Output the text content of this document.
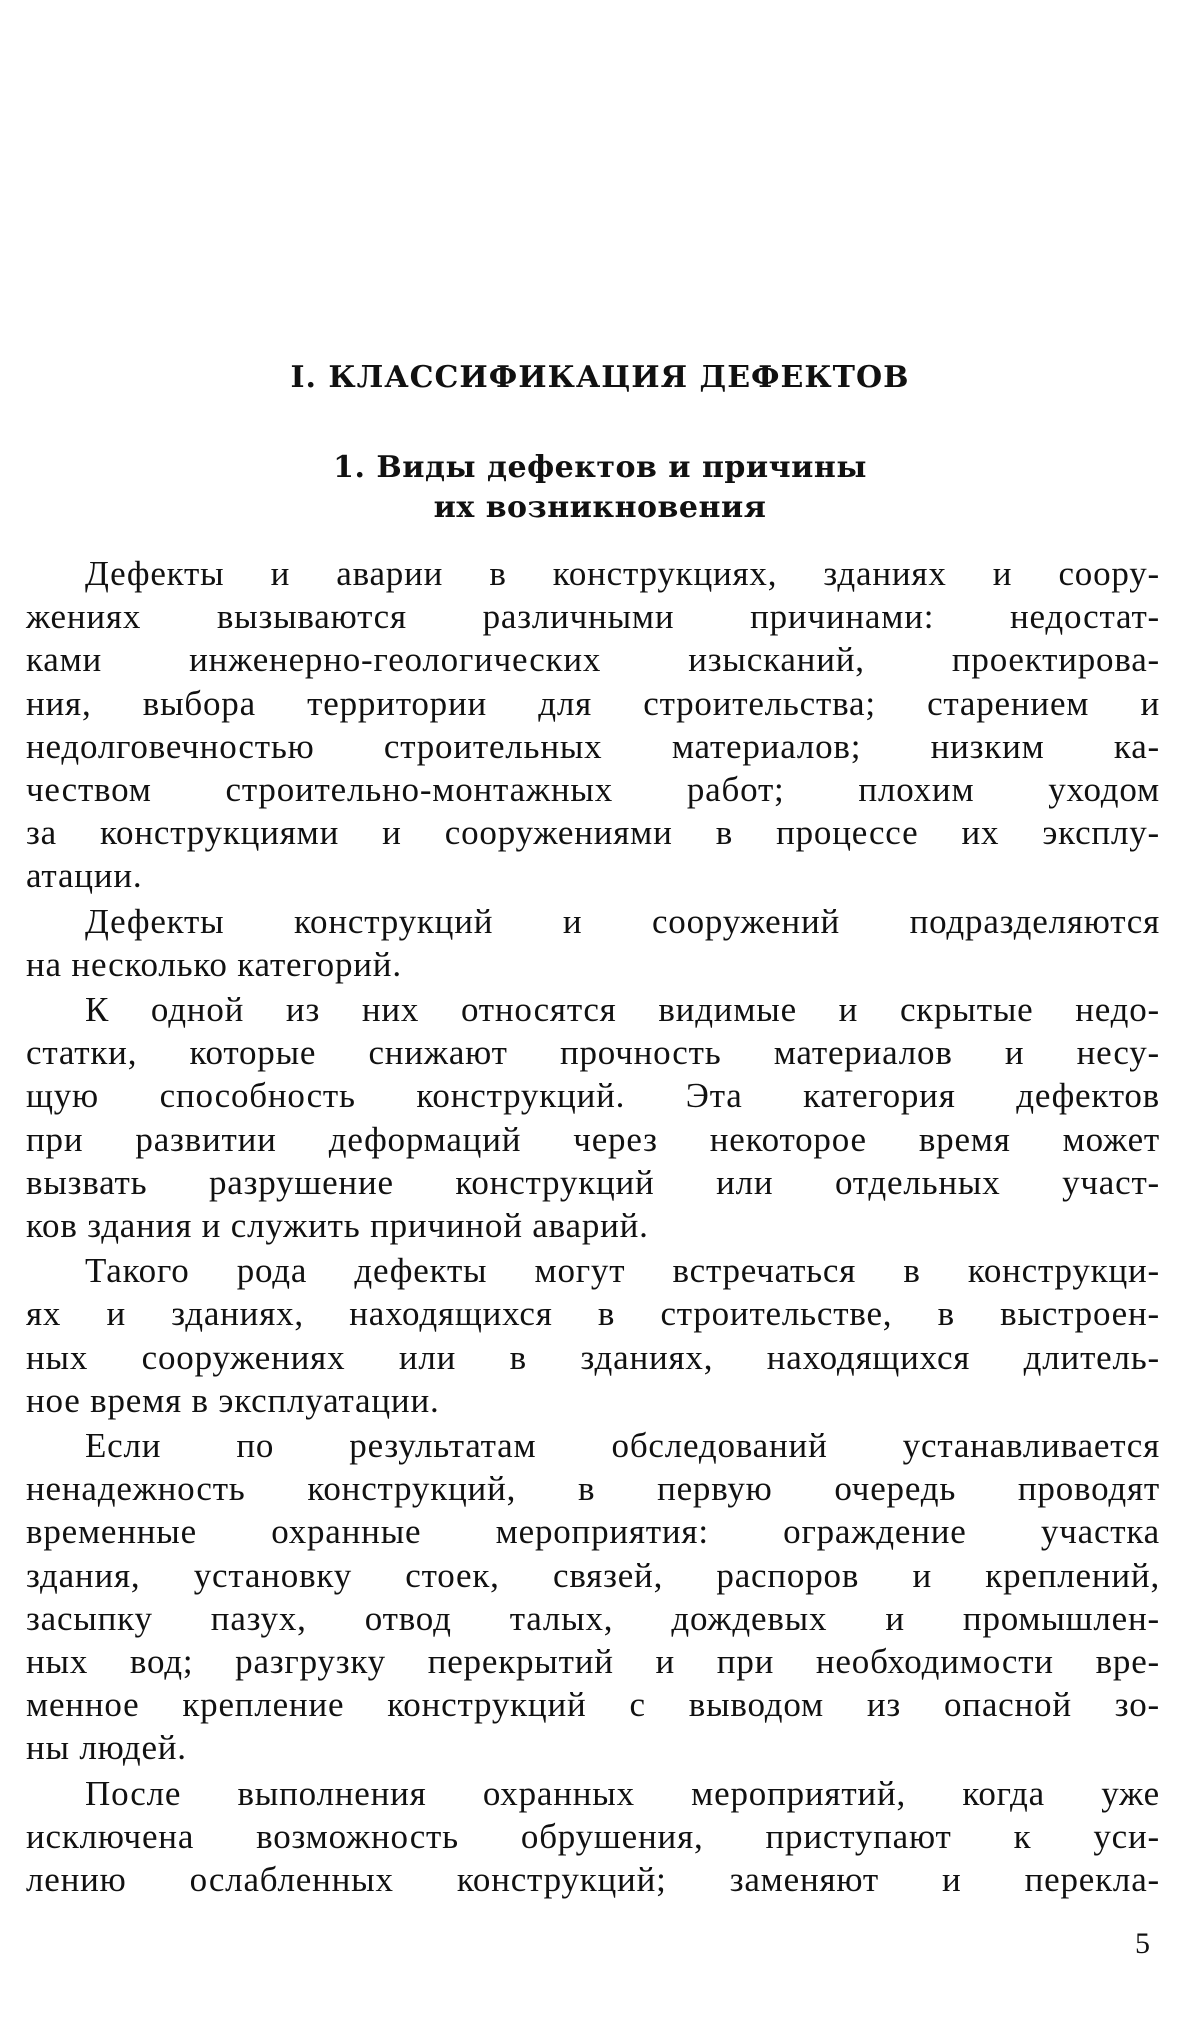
I. КЛАССИФИКАЦИЯ ДЕФЕКТОВ
1. Виды дефектов и причины
их возникновения
Дефекты и аварии в конструкциях, зданиях и соору-
жениях вызываются различными причинами: недостат-
ками инженерно-геологических изысканий, проектирова-
ния, выбора территории для строительства; старением и
недолговечностью строительных материалов; низким ка-
чеством строительно-монтажных работ; плохим уходом
за конструкциями и сооружениями в процессе их эксплу-
атации.
Дефекты конструкций и сооружений подразделяются
на несколько категорий.
К одной из них относятся видимые и скрытые недо-
статки, которые снижают прочность материалов и несу-
щую способность конструкций. Эта категория дефектов
при развитии деформаций через некоторое время может
вызвать разрушение конструкций или отдельных участ-
ков здания и служить причиной аварий.
Такого рода дефекты могут встречаться в конструкци-
ях и зданиях, находящихся в строительстве, в выстроен-
ных сооружениях или в зданиях, находящихся длитель-
ное время в эксплуатации.
Если по результатам обследований устанавливается
ненадежность конструкций, в первую очередь проводят
временные охранные мероприятия: ограждение участка
здания, установку стоек, связей, распоров и креплений,
засыпку пазух, отвод талых, дождевых и промышлен-
ных вод; разгрузку перекрытий и при необходимости вре-
менное крепление конструкций с выводом из опасной зо-
ны людей.
После выполнения охранных мероприятий, когда уже
исключена возможность обрушения, приступают к уси-
лению ослабленных конструкций; заменяют и перекла-
5
